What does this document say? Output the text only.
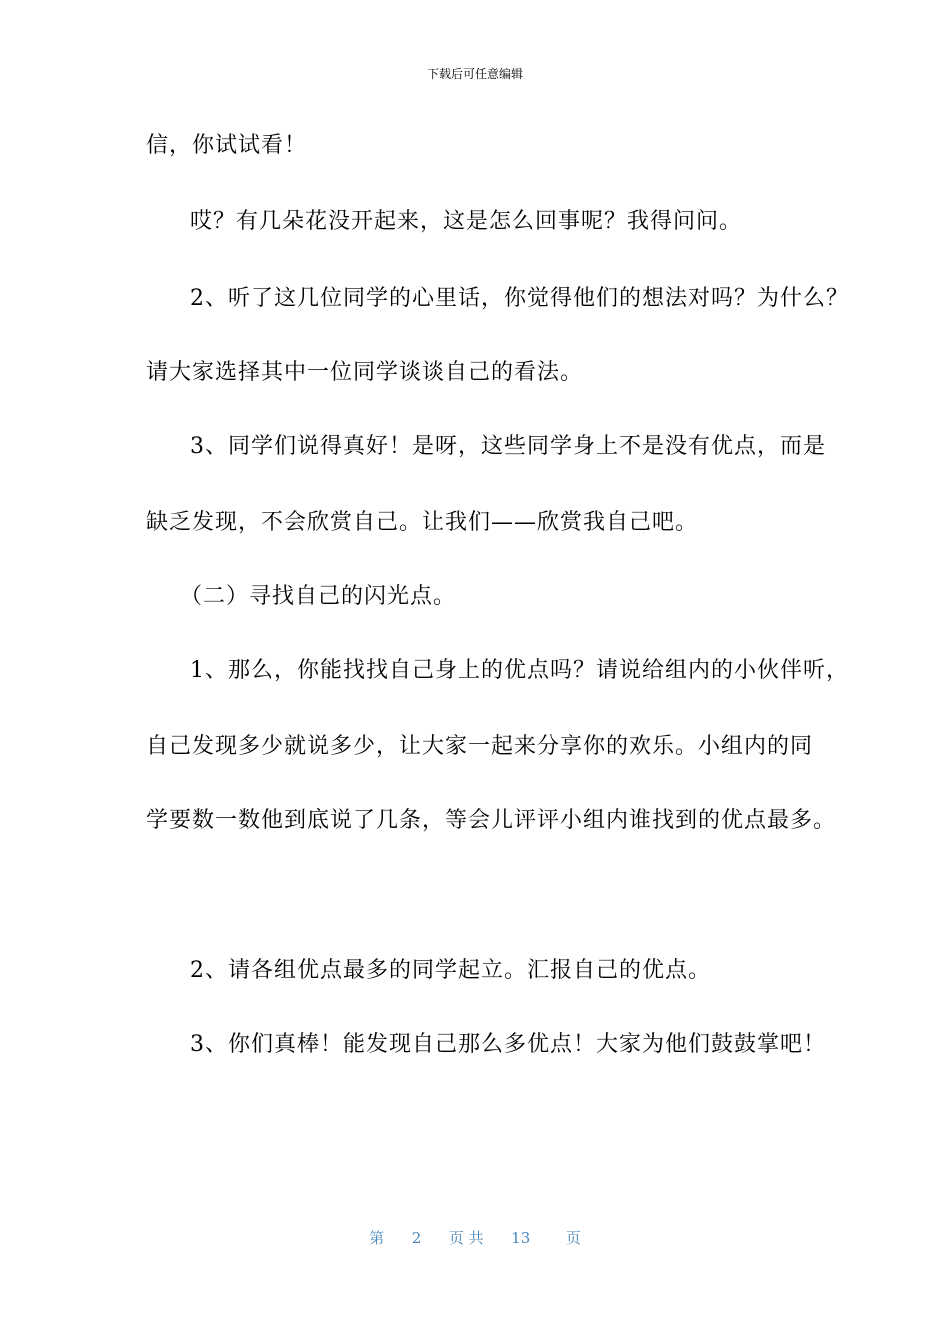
下载后可任意编辑
信，你试试看！
哎？有几朵花没开起来，这是怎么回事呢？我得问问。
2、听了这几位同学的心里话，你觉得他们的想法对吗？为什么？
请大家选择其中一位同学谈谈自己的看法。
3、同学们说得真好！是呀，这些同学身上不是没有优点，而是
缺乏发现，不会欣赏自己。让我们——欣赏我自己吧。
（二）寻找自己的闪光点。
1、那么，你能找找自己身上的优点吗？请说给组内的小伙伴听，
自己发现多少就说多少，让大家一起来分享你的欢乐。小组内的同
学要数一数他到底说了几条，等会儿评评小组内谁找到的优点最多。
2、请各组优点最多的同学起立。汇报自己的优点。
3、你们真棒！能发现自己那么多优点！大家为他们鼓鼓掌吧！
第 2 页 共 13 页
